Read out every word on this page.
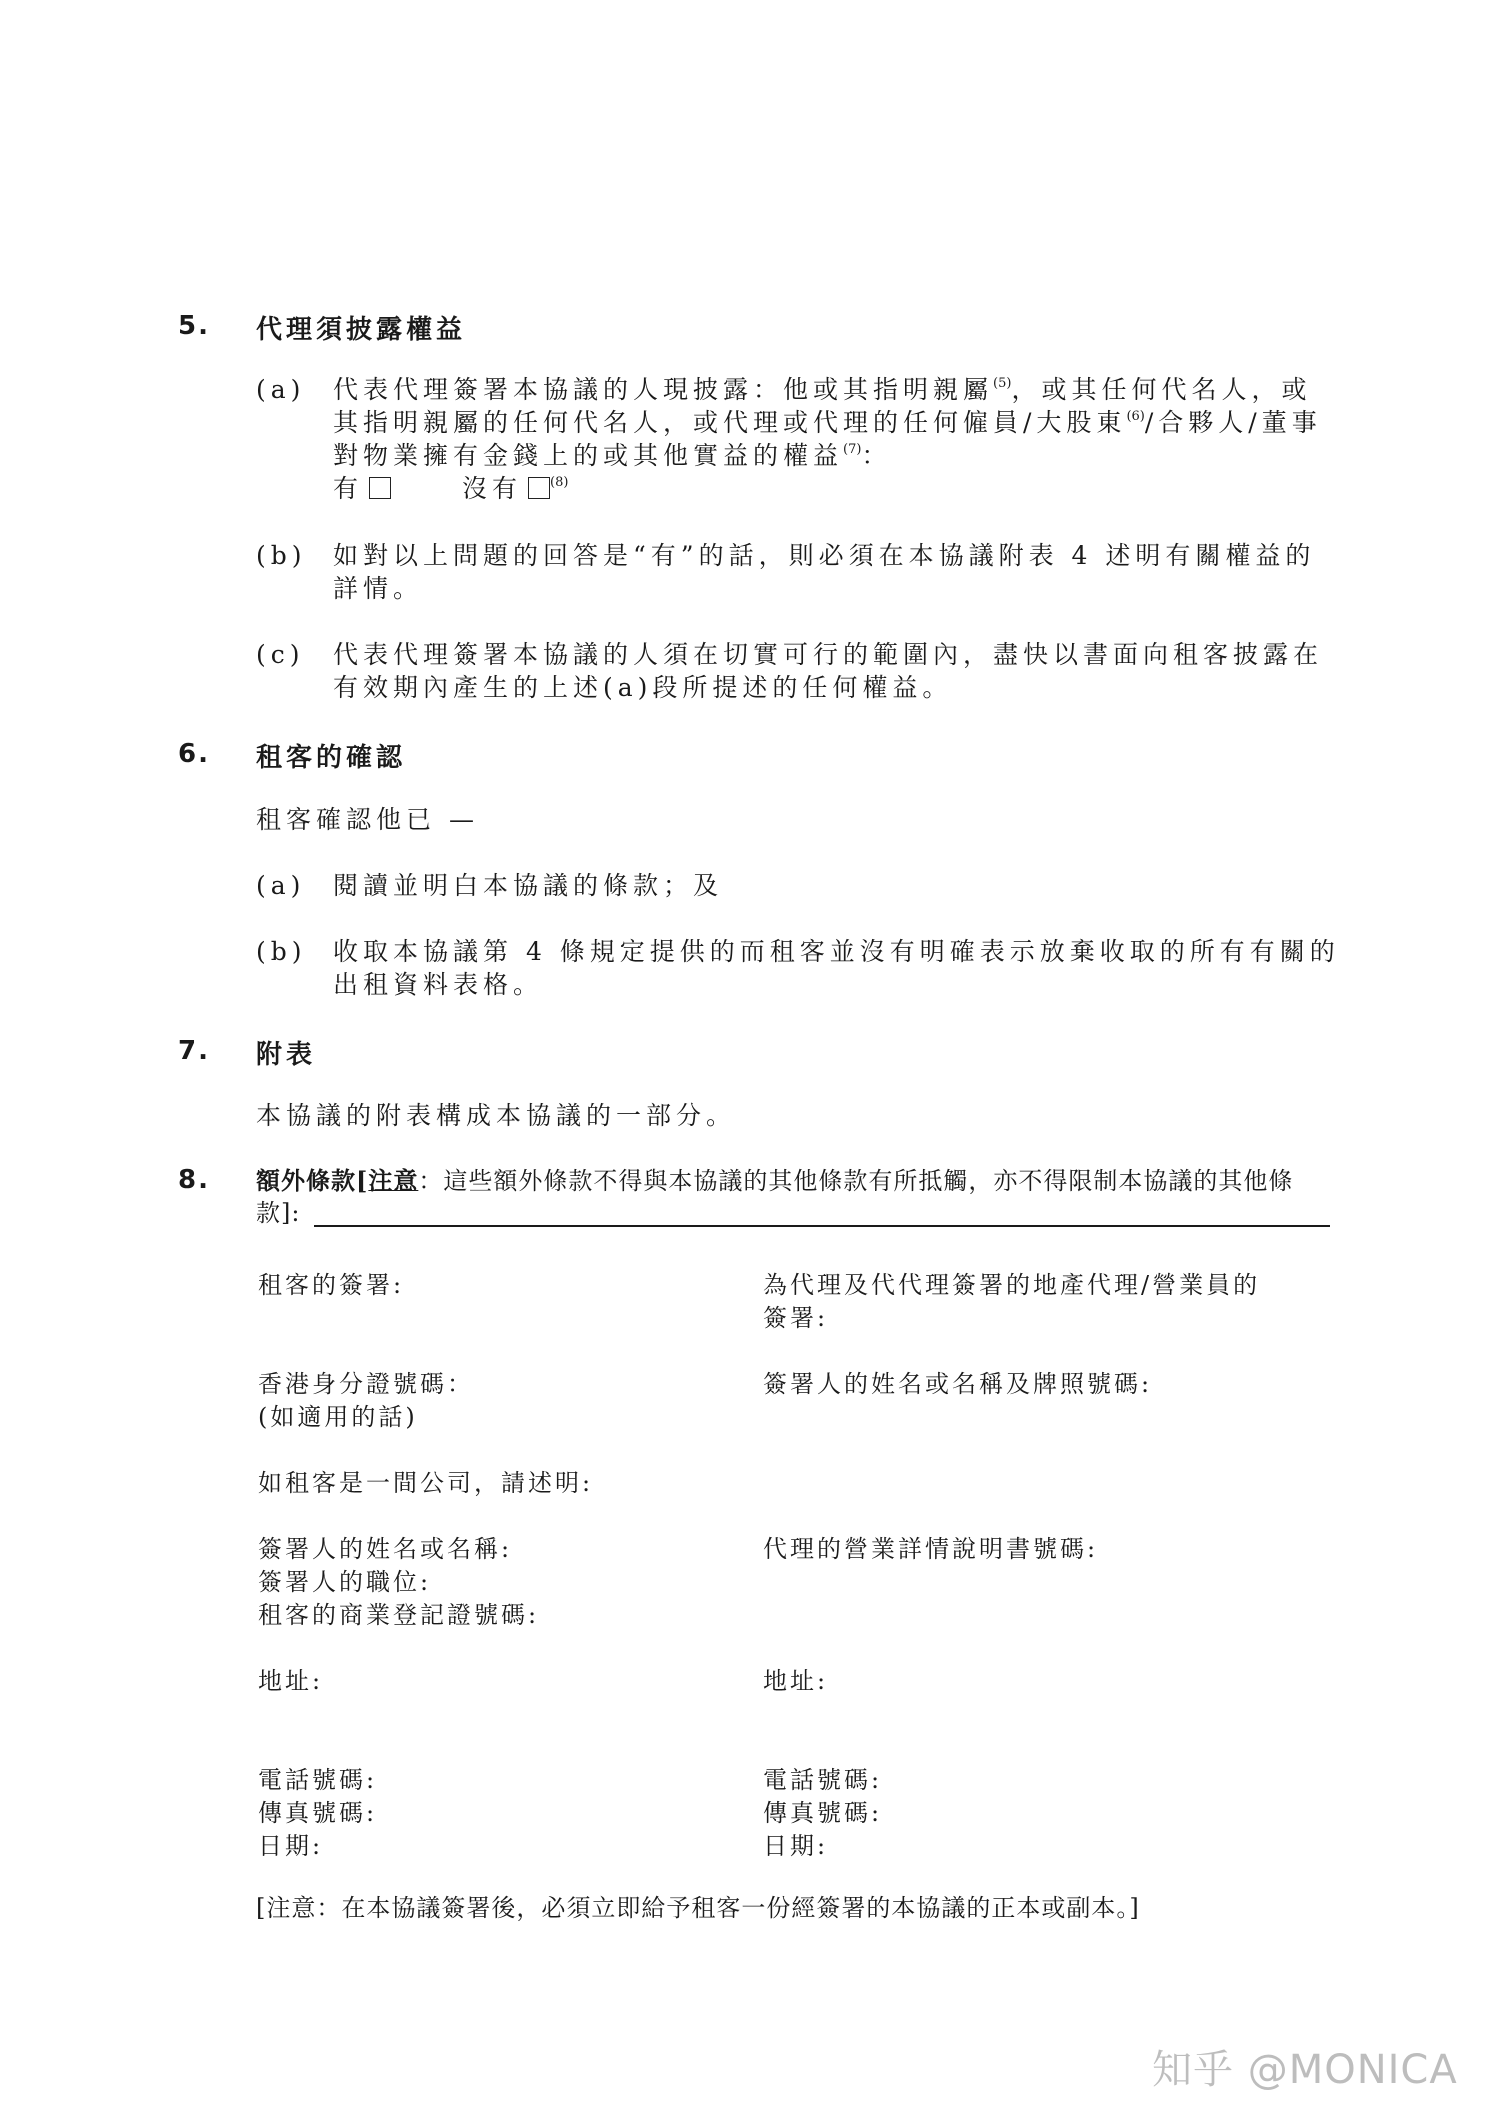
5. 代理須披露權益
(a) 代表代理簽署本協議的人現披露：他或其指明親屬$^{(5)}$，或其任何代名人，或
其指明親屬的任何代名人，或代理或代理的任何僱員/大股東$^{(6)}$/合夥人/董事
對物業擁有金錢上的或其他實益的權益$^{(7)}$：
有	沒有 $^{(8)}$
(b) 如對以上問題的回答是“有”的話，則必須在本協議附表 4 述明有關權益的
詳情。
(c) 代表代理簽署本協議的人須在切實可行的範圍內，盡快以書面向租客披露在
有效期內產生的上述(a)段所提述的任何權益。
6. 租客的確認
租客確認他已 —
(a) 閱讀並明白本協議的條款；及
(b) 收取本協議第 4 條規定提供的而租客並沒有明確表示放棄收取的所有有關的
出租資料表格。
7. 附表
本協議的附表構成本協議的一部分。
8. 額外條款[注意：這些額外條款不得與本協議的其他條款有所抵觸，亦不得限制本協議的其他條
款]:
租客的簽署:
香港身分證號碼：
(如適用的話)
如租客是一間公司，請述明:
簽署人的姓名或名稱:
簽署人的職位:
租客的商業登記證號碼:
地址:
電話號碼:
傳真號碼:
日期:
為代理及代代理簽署的地產代理/營業員的
簽署:
簽署人的姓名或名稱及牌照號碼:
代理的營業詳情說明書號碼:
地址:
電話號碼:
傳真號碼:
日期:
[注意：在本協議簽署後，必須立即給予租客一份經簽署的本協議的正本或副本。]
知乎 @MONICA
